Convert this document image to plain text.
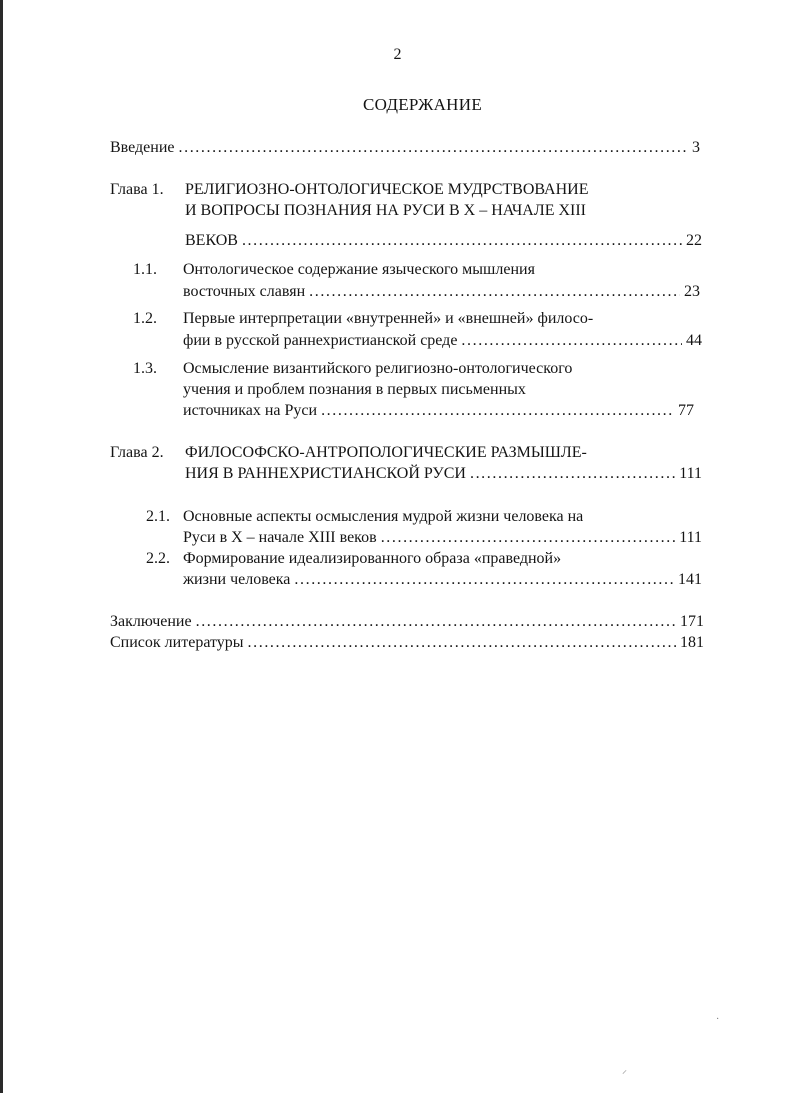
2
СОДЕРЖАНИЕ
Введение .....	3
Глава 1. РЕЛИГИОЗНО-ОНТОЛОГИЧЕСКОЕ МУДРСТВОВАНИЕ
И ВОПРОСЫ ПОЗНАНИЯ НА РУСИ В Х – НАЧАЛЕ XIII
ВЕКОВ .....	22
1.1. Онтологическое содержание языческого мышления
восточных славян .....	23
1.2. Первые интерпретации «внутренней» и «внешней» филосо-
фии в русской раннехристианской среде .....	44
1.3. Осмысление византийского религиозно-онтологического
учения и проблем познания в первых письменных
источниках на Руси .....	77
Глава 2. ФИЛОСОФСКО-АНТРОПОЛОГИЧЕСКИЕ РАЗМЫШЛЕ-
НИЯ В РАННЕХРИСТИАНСКОЙ РУСИ .....	111
2.1. Основные аспекты осмысления мудрой жизни человека на
Руси в Х – начале XIII веков .....	111
2.2. Формирование идеализированного образа «праведной»
жизни человека .....	141
Заключение .....	171
Список литературы .....	181
·
⸝
